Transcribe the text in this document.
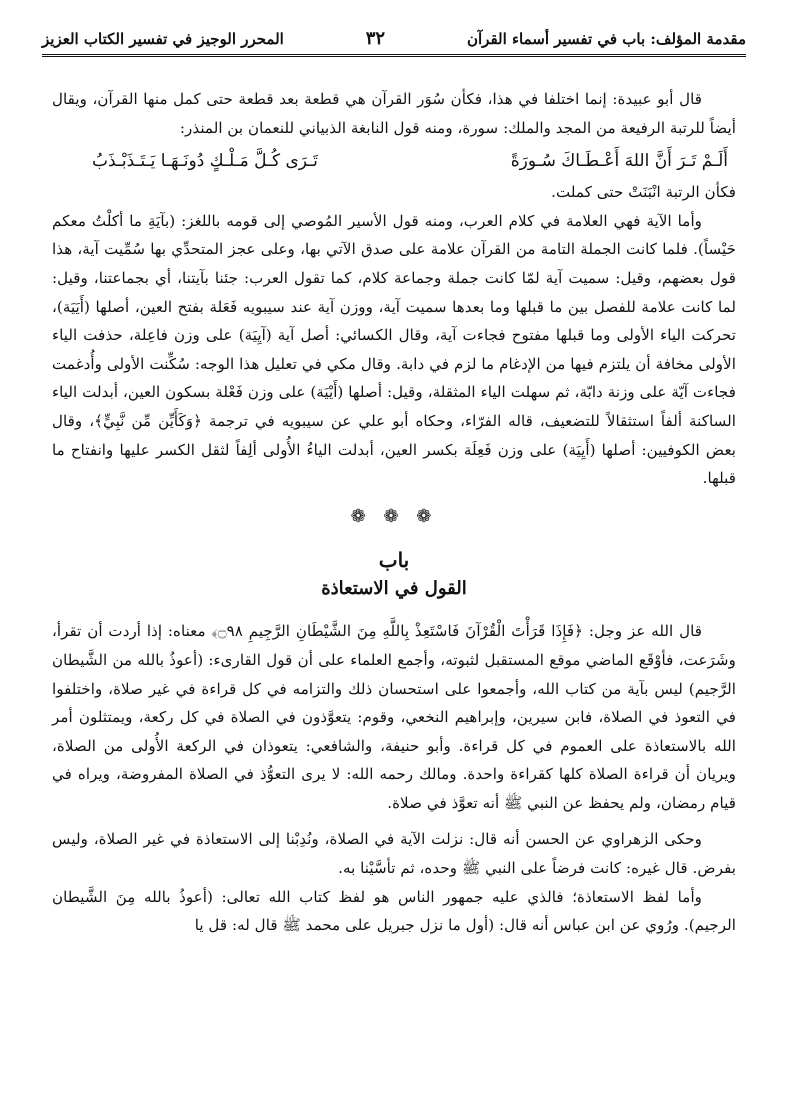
مقدمة المؤلف: باب في تفسير أسماء القرآن
٣٢
المحرر الوجيز في تفسير الكتاب العزيز

قال أبو عبيدة: إنما اختلفا في هذا، فكأن سُوَر القرآن هي قطعة بعد قطعة حتى كمل منها القرآن، ويقال أيضاً للرتبة الرفيعة من المجد والملك: سورة، ومنه قول النابغة الذبياني للنعمان بن المنذر:

أَلَـمْ تَـرَ أَنَّ اللهَ أَعْـطَـاكَ سُـورَةً
تَـرَى كُـلَّ مَـلْـكٍ دُونَـهَـا يَـتَـذَبْـذَبُ

فكأن الرتبة انْبَنَتْ حتى كملت.

وأما الآية فهي العلامة في كلام العرب، ومنه قول الأسير المُوصي إلى قومه باللغز: (بآيَةِ ما أكلْتُ معكم حَيْساً). فلما كانت الجملة التامة من القرآن علامة على صدق الآتي بها، وعلى عجز المتحدِّي بها سُمِّيت آية، هذا قول بعضهم، وقيل: سميت آية لمّا كانت جملة وجماعة كلام، كما تقول العرب: جئنا بآيتنا، أي بجماعتنا، وقيل: لما كانت علامة للفصل بين ما قبلها وما بعدها سميت آية، ووزن آية عند سيبويه فَعَلة بفتح العين، أصلها (أَيَيَة)، تحركت الياء الأولى وما قبلها مفتوح فجاءت آية، وقال الكسائي: أصل آية (آيِيَة) على وزن فاعِلة، حذفت الياء الأولى مخافة أن يلتزم فيها من الإدغام ما لزم في دابة. وقال مكي في تعليل هذا الوجه: سُكِّنت الأولى وأُدغمت فجاءت آيّة على وزنة دابّة، ثم سهلت الياء المثقلة، وقيل: أصلها (أَيْيَة) على وزن فَعْلة بسكون العين، أبدلت الياء الساكنة ألفاً استثقالاً للتضعيف، قاله الفرّاء، وحكاه أبو علي عن سيبويه في ترجمة ﴿وَكَأَيِّن مِّن نَّبِيٍّ﴾، وقال بعض الكوفيين: أصلها (أَيِيَة) على وزن فَعِلَة بكسر العين، أبدلت الياءُ الأُولى ألِفاً لثقل الكسر عليها وانفتاح ما قبلها.

❁ ❁ ❁
باب
القول في الاستعاذة

قال الله عز وجل: ﴿فَإِذَا قَرَأْتَ الْقُرْآنَ فَاسْتَعِذْ بِاللَّهِ مِنَ الشَّيْطَانِ الرَّجِيمِ ۝٩٨﴾ معناه: إذا أردت أن تقرأ، وشَرَعت، فأوْقَع الماضي موقع المستقبل لثبوته، وأجمع العلماء على أن قول القارىء: (أعوذُ بالله من الشَّيطان الرَّجيم) ليس بآية من كتاب الله، وأجمعوا على استحسان ذلك والتزامه في كل قراءة في غير صلاة، واختلفوا في التعوذ في الصلاة، فابن سيرين، وإبراهيم النخعي، وقوم: يتعوَّذون في الصلاة في كل ركعة، ويمتثلون أمر الله بالاستعاذة على العموم في كل قراءة. وأبو حنيفة، والشافعي: يتعوذان في الركعة الأُولى من الصلاة، ويريان أن قراءة الصلاة كلها كقراءة واحدة. ومالك رحمه الله: لا يرى التعوُّذ في الصلاة المفروضة، ويراه في قيام رمضان، ولم يحفظ عن النبي ﷺ أنه تعوَّذ في صلاة.

وحكى الزهراوي عن الحسن أنه قال: نزلت الآية في الصلاة، ونُدِبْنا إلى الاستعاذة في غير الصلاة، وليس بفرض. قال غيره: كانت فرضاً على النبي ﷺ وحده، ثم تأسَّيْنا به.

وأما لفظ الاستعاذة؛ فالذي عليه جمهور الناس هو لفظ كتاب الله تعالى: (أعوذُ بالله مِنَ الشَّيطان الرجيم). ورُوي عن ابن عباس أنه قال: (أول ما نزل جبريل على محمد ﷺ قال له: قل يا
